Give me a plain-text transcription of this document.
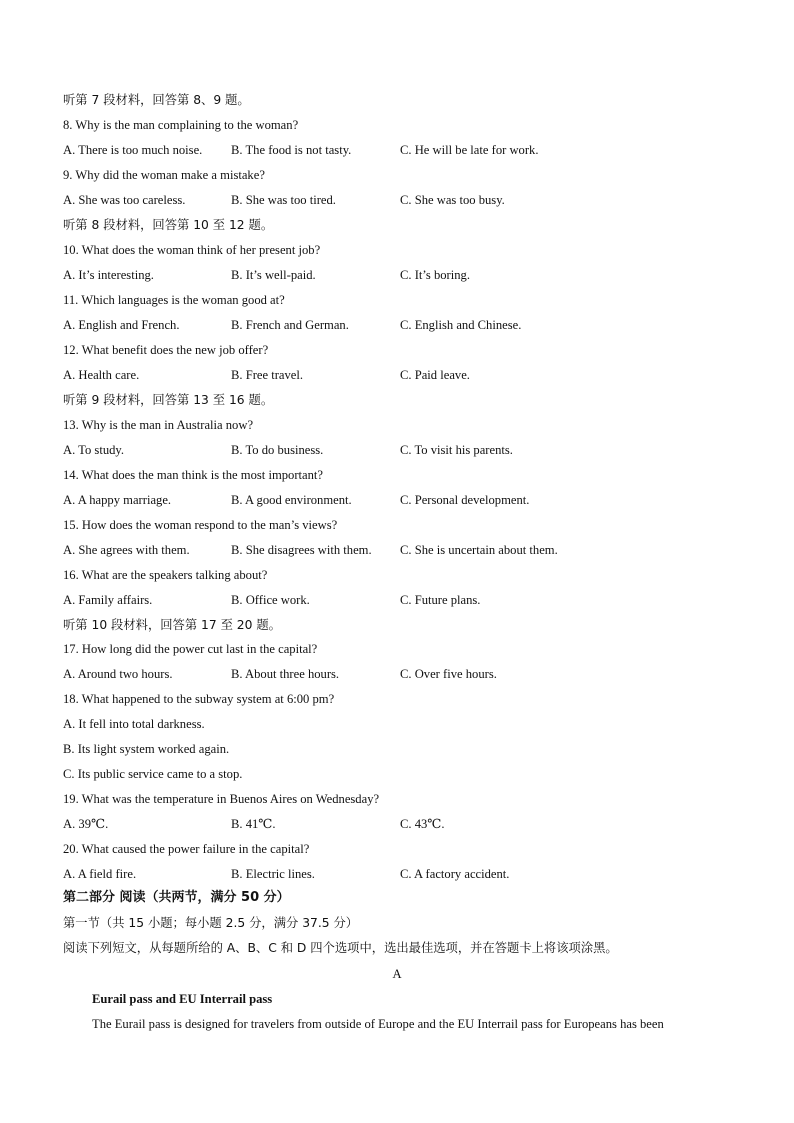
听第 7 段材料，回答第 8、9 题。
8. Why is the man complaining to the woman?
A. There is too much noise. B. The food is not tasty.	C. He will be late for work.
9. Why did the woman make a mistake?
A. She was too careless.	B. She was too tired.	C. She was too busy.
听第 8 段材料，回答第 10 至 12 题。
10. What does the woman think of her present job?
A. It’s interesting.	B. It’s well-paid.	C. It’s boring.
11. Which languages is the woman good at?
A. English and French.	B. French and German.	C. English and Chinese.
12. What benefit does the new job offer?
A. Health care.	B. Free travel.	C. Paid leave.
听第 9 段材料，回答第 13 至 16 题。
13. Why is the man in Australia now?
A. To study.	B. To do business.	C. To visit his parents.
14. What does the man think is the most important?
A. A happy marriage.	B. A good environment.	C. Personal development.
15. How does the woman respond to the man’s views?
A. She agrees with them.	B. She disagrees with them. C. She is uncertain about them.
16. What are the speakers talking about?
A. Family affairs.	B. Office work.	C. Future plans.
听第 10 段材料，回答第 17 至 20 题。
17. How long did the power cut last in the capital?
A. Around two hours.	B. About three hours.	C. Over five hours.
18. What happened to the subway system at 6:00 pm?
A. It fell into total darkness.
B. Its light system worked again.
C. Its public service came to a stop.
19. What was the temperature in Buenos Aires on Wednesday?
A. 39℃.	B. 41℃.	C. 43℃.
20. What caused the power failure in the capital?
A. A field fire.	B. Electric lines.	C. A factory accident.
第二部分 阅读（共两节，满分 50 分）
第一节（共 15 小题；每小题 2.5 分，满分 37.5 分）
阅读下列短文，从每题所给的 A、B、C 和 D 四个选项中，选出最佳选项，并在答题卡上将该项涂黑。
A
Eurail pass and EU Interrail pass
The Eurail pass is designed for travelers from outside of Europe and the EU Interrail pass for Europeans has been
